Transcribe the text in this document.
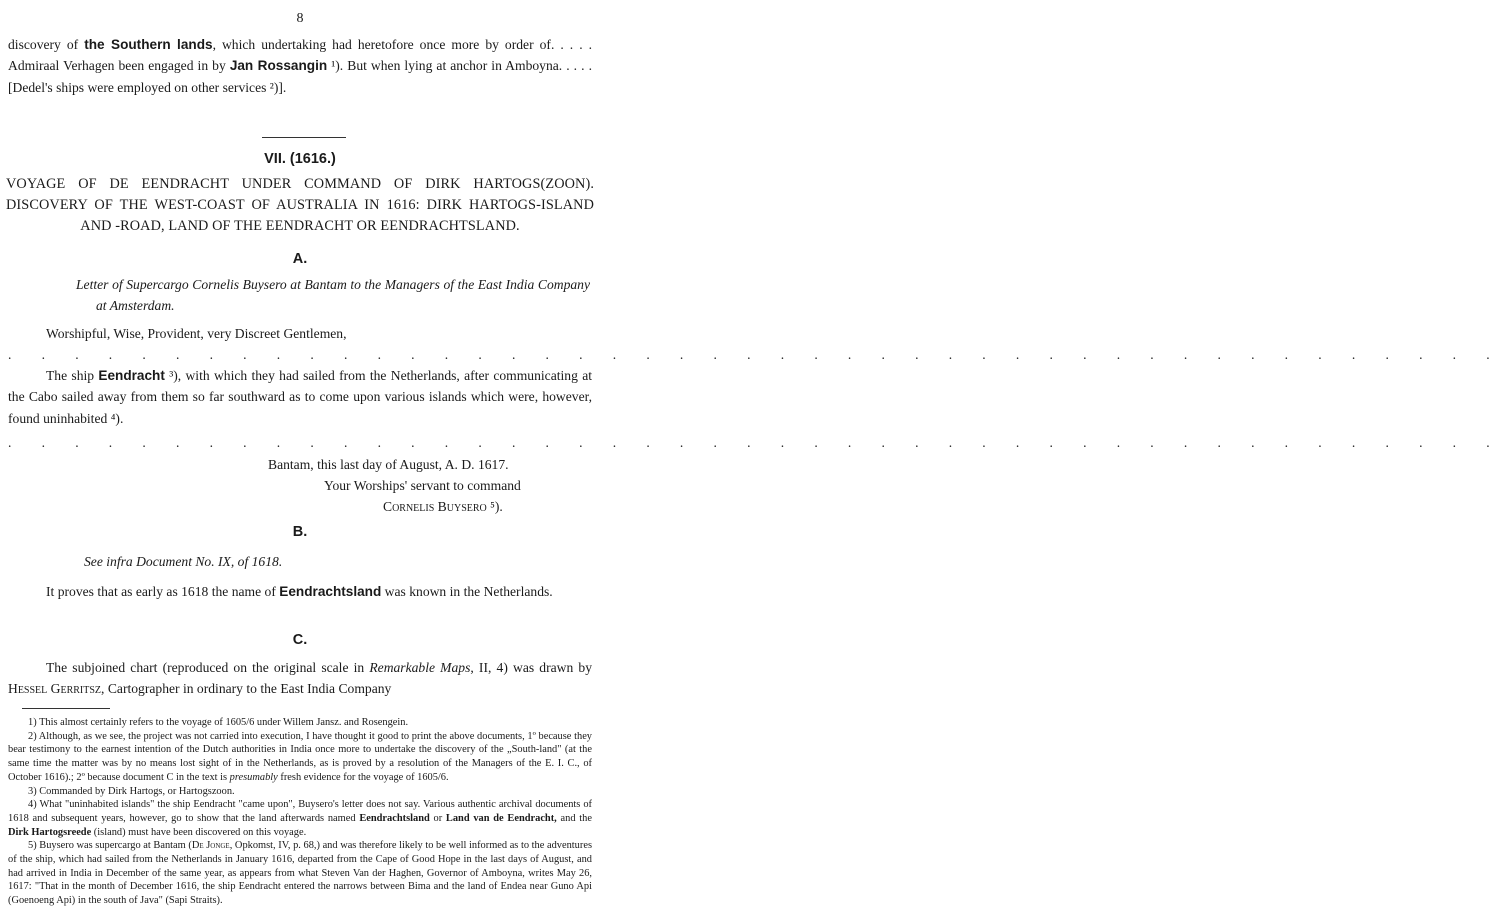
8
discovery of the Southern lands, which undertaking had heretofore once more by order of. . . . . Admiraal Verhagen been engaged in by Jan Rossangin ¹). But when lying at anchor in Amboyna. . . . . [Dedel's ships were employed on other services ²)].
VII. (1616.)
VOYAGE OF DE EENDRACHT UNDER COMMAND OF DIRK HARTOGS(ZOON). DISCOVERY OF THE WEST-COAST OF AUSTRALIA IN 1616: DIRK HARTOGS-ISLAND AND -ROAD, LAND OF THE EENDRACHT OR EENDRACHTSLAND.
A.
Letter of Supercargo Cornelis Buysero at Bantam to the Managers of the East India Company at Amsterdam.
Worshipful, Wise, Provident, very Discreet Gentlemen,
. . . . . . . . . . . . . . . . . . . . . . . . . . . . . . . . . . . . . . . . . . . . .
The ship Eendracht ³), with which they had sailed from the Netherlands, after communicating at the Cabo sailed away from them so far southward as to come upon various islands which were, however, found uninhabited ⁴).
. . . . . . . . . . . . . . . . . . . . . . . . . . . . . . . . . . . . . . . . . . . . .
Bantam, this last day of August, A. D. 1617.
Your Worships' servant to command
Cornelis Buysero ⁵).
B.
See infra Document No. IX, of 1618.
It proves that as early as 1618 the name of Eendrachtsland was known in the Netherlands.
C.
The subjoined chart (reproduced on the original scale in Remarkable Maps, II, 4) was drawn by Hessel Gerritsz, Cartographer in ordinary to the East India Company

1) This almost certainly refers to the voyage of 1605/6 under Willem Jansz. and Rosengein.

2) Although, as we see, the project was not carried into execution, I have thought it good to print the above documents, 1º because they bear testimony to the earnest intention of the Dutch authorities in India once more to undertake the discovery of the „South-land" (at the same time the matter was by no means lost sight of in the Netherlands, as is proved by a resolution of the Managers of the E. I. C., of October 1616).; 2º because document C in the text is presumably fresh evidence for the voyage of 1605/6.

3) Commanded by Dirk Hartogs, or Hartogszoon.

4) What "uninhabited islands" the ship Eendracht "came upon", Buysero's letter does not say. Various authentic archival documents of 1618 and subsequent years, however, go to show that the land afterwards named Eendrachtsland or Land van de Eendracht, and the Dirk Hartogsreede (island) must have been discovered on this voyage.

5) Buysero was supercargo at Bantam (De Jonge, Opkomst, IV, p. 68,) and was therefore likely to be well informed as to the adventures of the ship, which had sailed from the Netherlands in January 1616, departed from the Cape of Good Hope in the last days of August, and had arrived in India in December of the same year, as appears from what Steven Van der Haghen, Governor of Amboyna, writes May 26, 1617: "That in the month of December 1616, the ship Eendracht entered the narrows between Bima and the land of Endea near Guno Api (Goenoeng Api) in the south of Java" (Sapi Straits).
